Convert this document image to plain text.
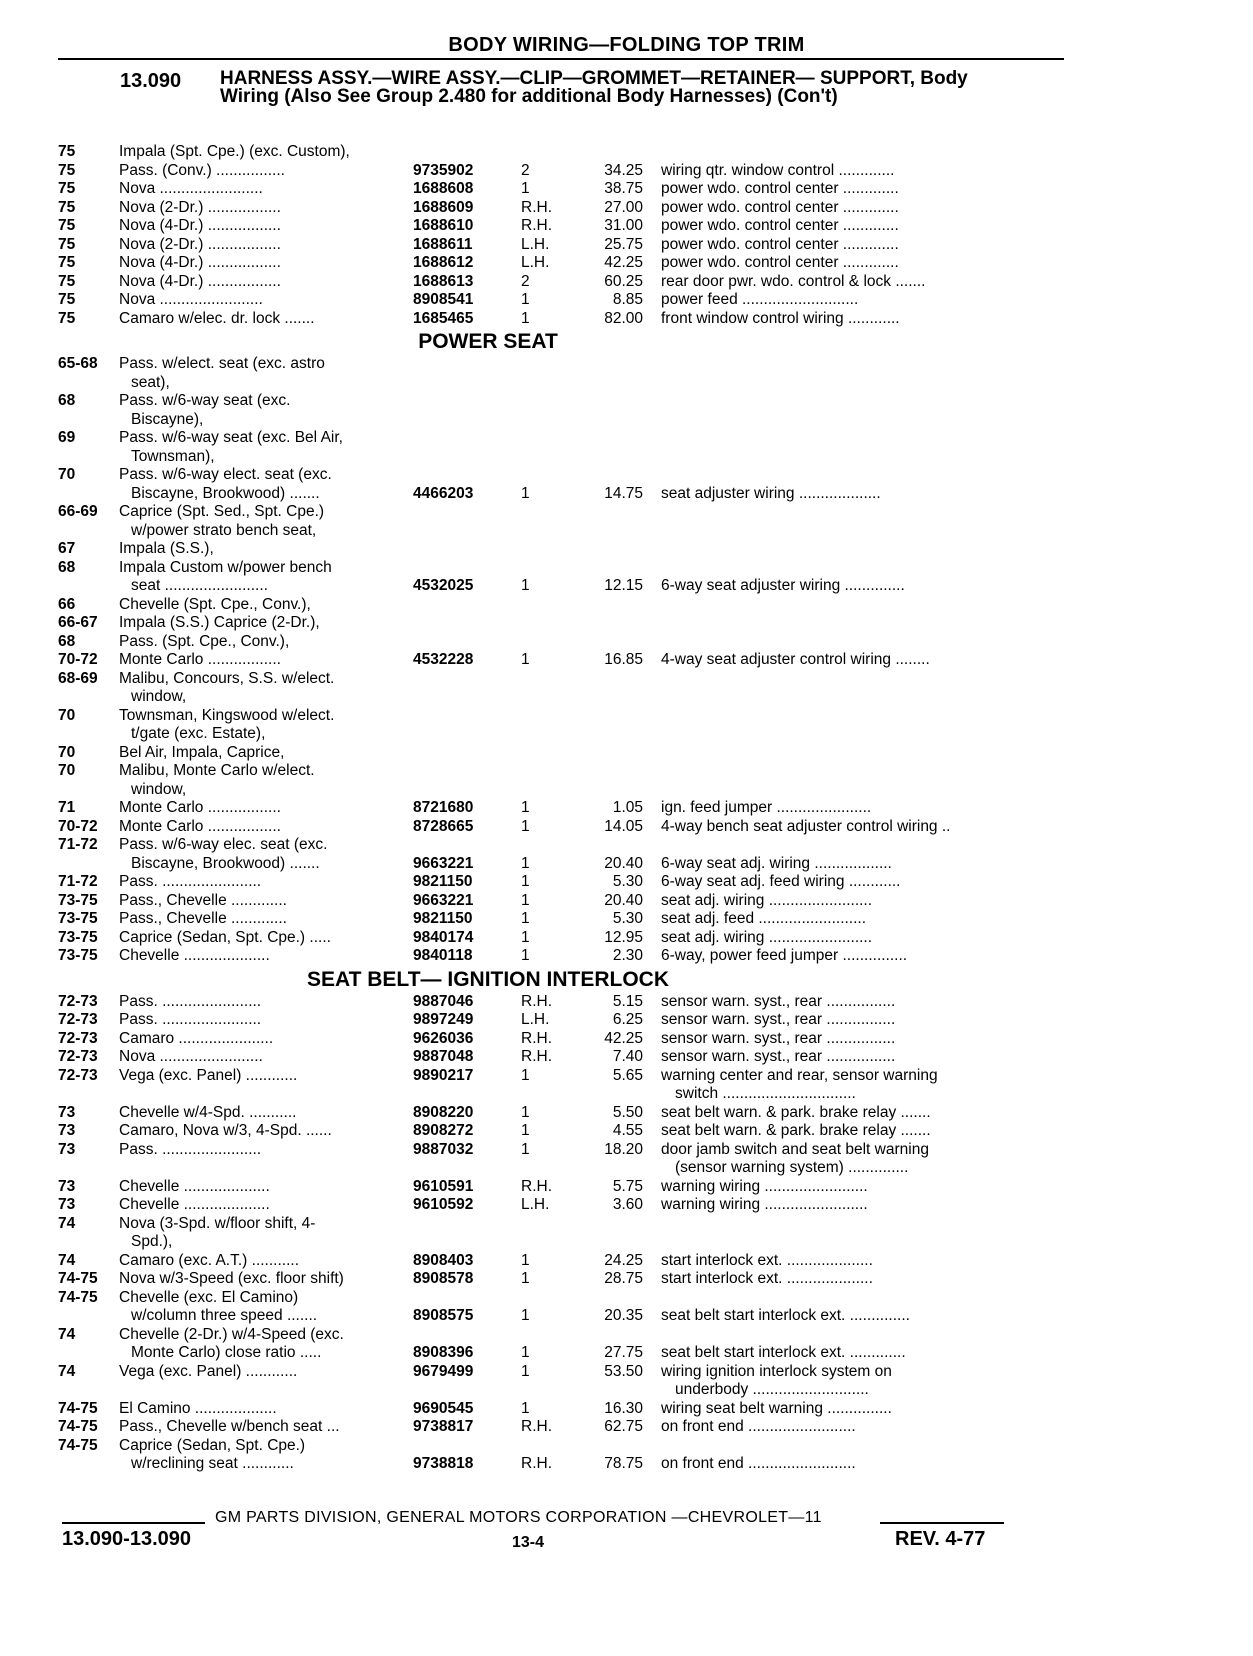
BODY WIRING—FOLDING TOP TRIM
13.090 HARNESS ASSY.—WIRE ASSY.—CLIP—GROMMET—RETAINER— SUPPORT, Body Wiring (Also See Group 2.480 for additional Body Harnesses) (Con't)
75	Impala (Spt. Cpe.) (exc. Custom),
75	Pass. (Conv.) ................	9735902	2	34.25	wiring qtr. window control .............
75	Nova ........................	1688608	1	38.75	power wdo. control center .............
75	Nova (2-Dr.) .................	1688609	R.H.	27.00	power wdo. control center .............
75	Nova (4-Dr.) .................	1688610	R.H.	31.00	power wdo. control center .............
75	Nova (2-Dr.) .................	1688611	L.H.	25.75	power wdo. control center .............
75	Nova (4-Dr.) .................	1688612	L.H.	42.25	power wdo. control center .............
75	Nova (4-Dr.) .................	1688613	2	60.25	rear door pwr. wdo. control & lock .......
75	Nova ........................	8908541	1	8.85	power feed ...........................
75	Camaro w/elec. dr. lock .......	1685465	1	82.00	front window control wiring ............
POWER SEAT
65-68	Pass. w/elect. seat (exc. astro
seat),
68	Pass. w/6-way seat (exc.
Biscayne),
69	Pass. w/6-way seat (exc. Bel Air,
Townsman),
70	Pass. w/6-way elect. seat (exc.
Biscayne, Brookwood) .......	4466203	1	14.75	seat adjuster wiring ...................
66-69	Caprice (Spt. Sed., Spt. Cpe.)
w/power strato bench seat,
67	Impala (S.S.),
68	Impala Custom w/power bench
seat ........................	4532025	1	12.15	6-way seat adjuster wiring ..............
66	Chevelle (Spt. Cpe., Conv.),
66-67	Impala (S.S.) Caprice (2-Dr.),
68	Pass. (Spt. Cpe., Conv.),
70-72	Monte Carlo .................	4532228	1	16.85	4-way seat adjuster control wiring ........
68-69	Malibu, Concours, S.S. w/elect.
window,
70	Townsman, Kingswood w/elect.
t/gate (exc. Estate),
70	Bel Air, Impala, Caprice,
70	Malibu, Monte Carlo w/elect.
window,
71	Monte Carlo .................	8721680	1	1.05	ign. feed jumper ......................
70-72	Monte Carlo .................	8728665	1	14.05	4-way bench seat adjuster control wiring ..
71-72	Pass. w/6-way elec. seat (exc.
Biscayne, Brookwood) .......	9663221	1	20.40	6-way seat adj. wiring ..................
71-72	Pass. .......................	9821150	1	5.30	6-way seat adj. feed wiring ............
73-75	Pass., Chevelle .............	9663221	1	20.40	seat adj. wiring ........................
73-75	Pass., Chevelle .............	9821150	1	5.30	seat adj. feed .........................
73-75	Caprice (Sedan, Spt. Cpe.) .....	9840174	1	12.95	seat adj. wiring ........................
73-75	Chevelle ....................	9840118	1	2.30	6-way, power feed jumper ...............
SEAT BELT— IGNITION INTERLOCK
72-73	Pass. .......................	9887046	R.H.	5.15	sensor warn. syst., rear ................
72-73	Pass. .......................	9897249	L.H.	6.25	sensor warn. syst., rear ................
72-73	Camaro ......................	9626036	R.H.	42.25	sensor warn. syst., rear ................
72-73	Nova ........................	9887048	R.H.	7.40	sensor warn. syst., rear ................
72-73	Vega (exc. Panel) ............	9890217	1	5.65	warning center and rear, sensor warning
switch ...............................
73	Chevelle w/4-Spd. ...........	8908220	1	5.50	seat belt warn. & park. brake relay .......
73	Camaro, Nova w/3, 4-Spd. ......	8908272	1	4.55	seat belt warn. & park. brake relay .......
73	Pass. .......................	9887032	1	18.20	door jamb switch and seat belt warning
(sensor warning system) ..............
73	Chevelle ....................	9610591	R.H.	5.75	warning wiring ........................
73	Chevelle ....................	9610592	L.H.	3.60	warning wiring ........................
74	Nova (3-Spd. w/floor shift, 4-
Spd.),
74	Camaro (exc. A.T.) ...........	8908403	1	24.25	start interlock ext. ....................
74-75	Nova w/3-Speed (exc. floor shift)	8908578	1	28.75	start interlock ext. ....................
74-75	Chevelle (exc. El Camino)
w/column three speed .......	8908575	1	20.35	seat belt start interlock ext. ..............
74	Chevelle (2-Dr.) w/4-Speed (exc.
Monte Carlo) close ratio .....	8908396	1	27.75	seat belt start interlock ext. .............
74	Vega (exc. Panel) ............	9679499	1	53.50	wiring ignition interlock system on
underbody ...........................
74-75	El Camino ...................	9690545	1	16.30	wiring seat belt warning ...............
74-75	Pass., Chevelle w/bench seat ...	9738817	R.H.	62.75	on front end .........................
74-75	Caprice (Sedan, Spt. Cpe.)
w/reclining seat ............	9738818	R.H.	78.75	on front end .........................
GM PARTS DIVISION, GENERAL MOTORS CORPORATION —CHEVROLET—11
13.090-13.090	13-4	REV. 4-77
